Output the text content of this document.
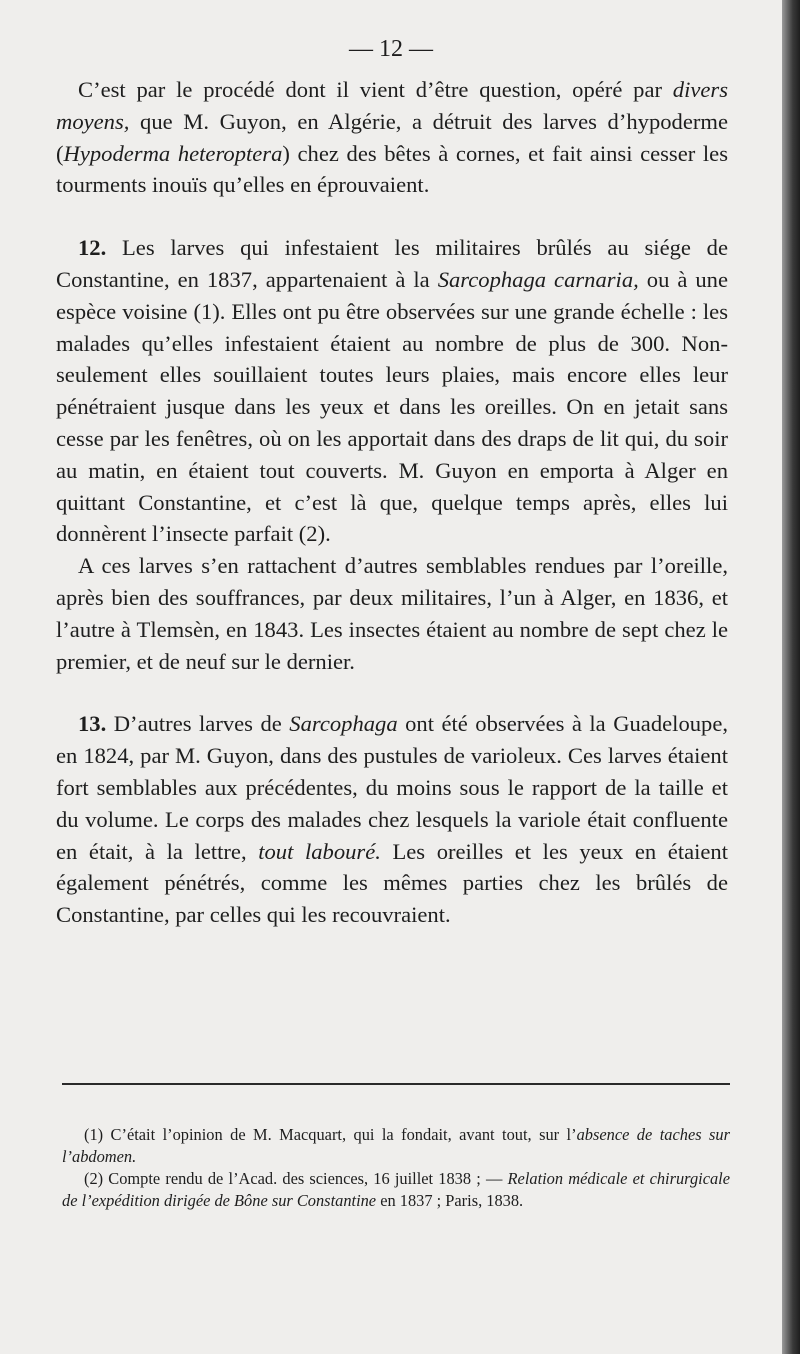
— 12 —

C’est par le procédé dont il vient d’être question, opéré par divers moyens, que M. Guyon, en Algérie, a détruit des larves d’hypoderme (Hypoderma heteroptera) chez des bêtes à cornes, et fait ainsi cesser les tourments inouïs qu’elles en éprouvaient.

12. Les larves qui infestaient les militaires brûlés au siége de Constantine, en 1837, appartenaient à la Sarcophaga carnaria, ou à une espèce voisine (1). Elles ont pu être observées sur une grande échelle : les malades qu’elles infestaient étaient au nombre de plus de 300. Non-seulement elles souillaient toutes leurs plaies, mais encore elles leur pénétraient jusque dans les yeux et dans les oreilles. On en jetait sans cesse par les fenêtres, où on les apportait dans des draps de lit qui, du soir au matin, en étaient tout couverts. M. Guyon en emporta à Alger en quittant Constantine, et c’est là que, quelque temps après, elles lui donnèrent l’insecte parfait (2).

A ces larves s’en rattachent d’autres semblables rendues par l’oreille, après bien des souffrances, par deux militaires, l’un à Alger, en 1836, et l’autre à Tlemsèn, en 1843. Les insectes étaient au nombre de sept chez le premier, et de neuf sur le dernier.

13. D’autres larves de Sarcophaga ont été observées à la Guadeloupe, en 1824, par M. Guyon, dans des pustules de varioleux. Ces larves étaient fort semblables aux précédentes, du moins sous le rapport de la taille et du volume. Le corps des malades chez lesquels la variole était confluente en était, à la lettre, tout labouré. Les oreilles et les yeux en étaient également pénétrés, comme les mêmes parties chez les brûlés de Constantine, par celles qui les recouvraient.

(1) C’était l’opinion de M. Macquart, qui la fondait, avant tout, sur l’absence de taches sur l’abdomen.

(2) Compte rendu de l’Acad. des sciences, 16 juillet 1838 ; — Relation médicale et chirurgicale de l’expédition dirigée de Bône sur Constantine en 1837 ; Paris, 1838.
